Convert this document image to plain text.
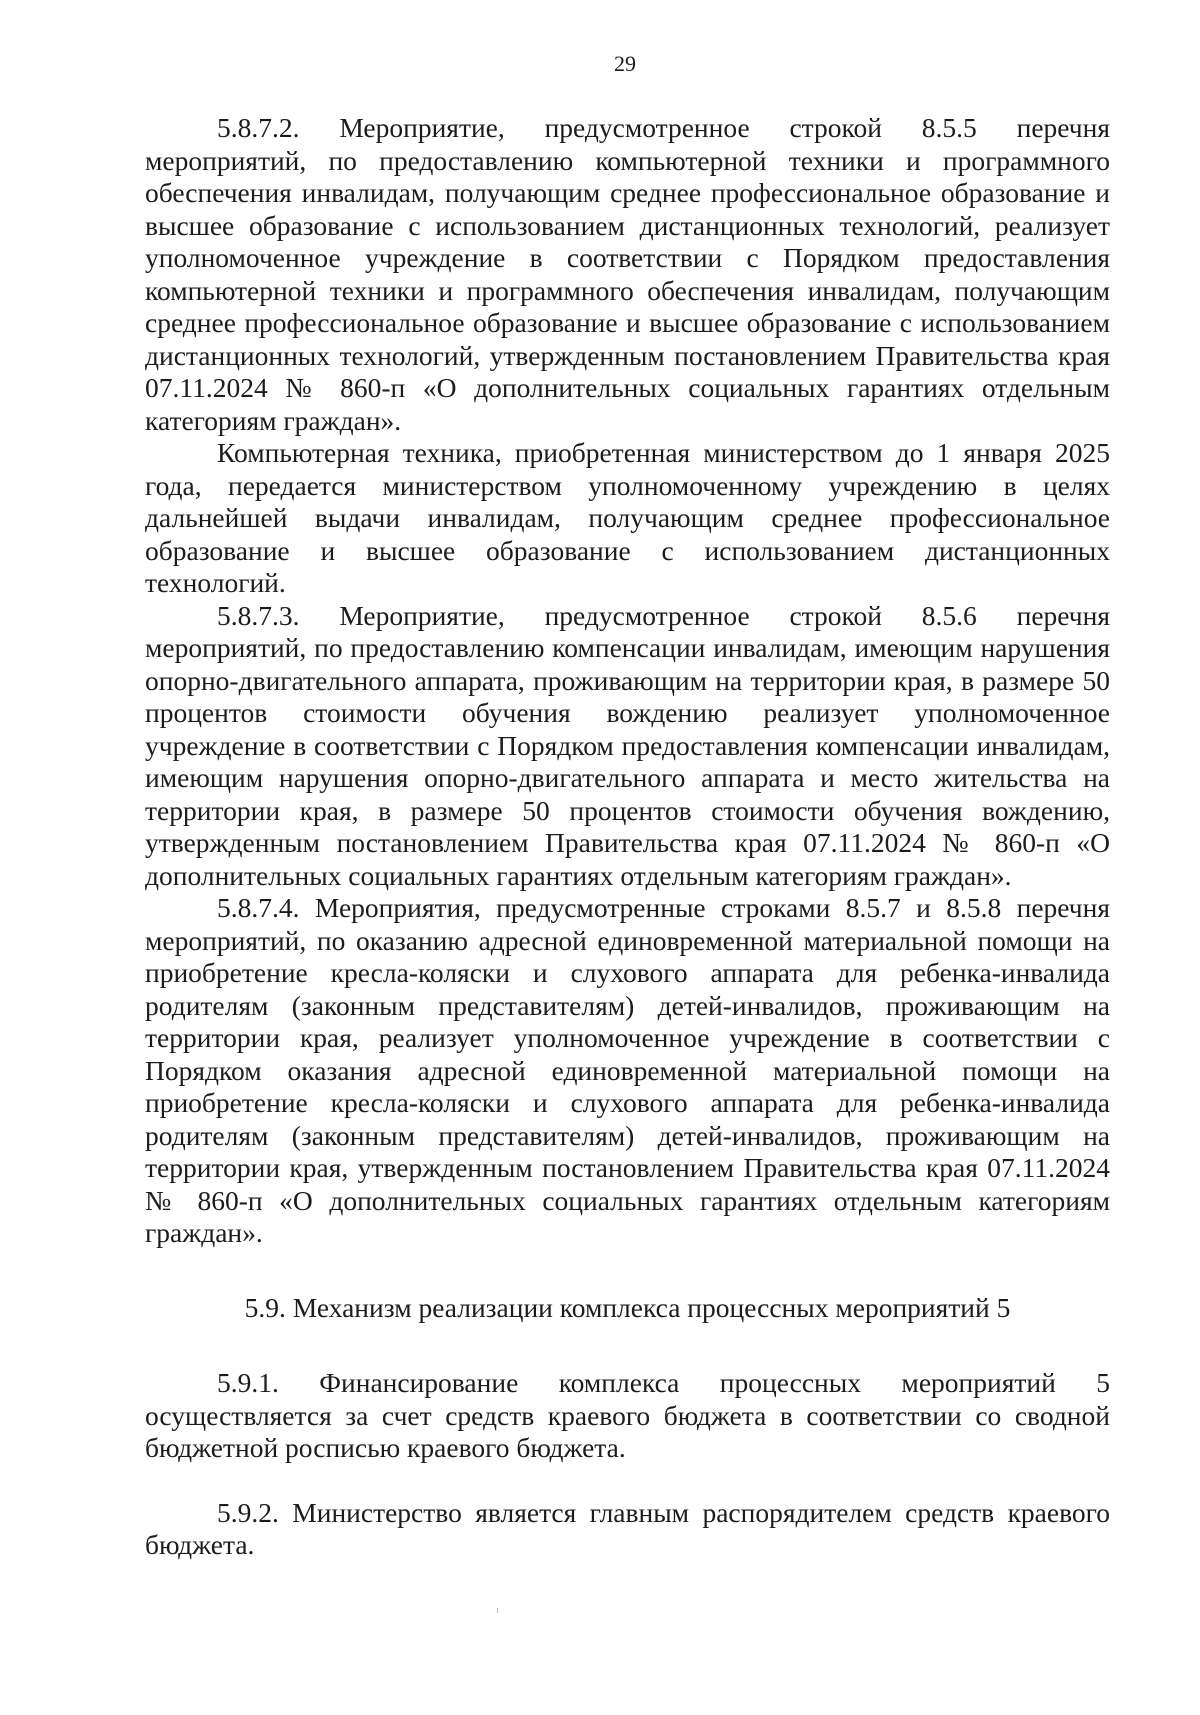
29

5.8.7.2. Мероприятие, предусмотренное строкой 8.5.5 перечня мероприятий, по предоставлению компьютерной техники и программного обеспечения инвалидам, получающим среднее профессиональное образование и высшее образование с использованием дистанционных технологий, реализует уполномоченное учреждение в соответствии с Порядком предоставления компьютерной техники и программного обеспечения инвалидам, получающим среднее профессиональное образование и высшее образование с использованием дистанционных технологий, утвержденным постановлением Правительства края 07.11.2024 № 860-п «О дополнительных социальных гарантиях отдельным категориям граждан».

Компьютерная техника, приобретенная министерством до 1 января 2025 года, передается министерством уполномоченному учреждению в целях дальнейшей выдачи инвалидам, получающим среднее профессиональное образование и высшее образование с использованием дистанционных технологий.

5.8.7.3. Мероприятие, предусмотренное строкой 8.5.6 перечня мероприятий, по предоставлению компенсации инвалидам, имеющим нарушения опорно-двигательного аппарата, проживающим на территории края, в размере 50 процентов стоимости обучения вождению реализует уполномоченное учреждение в соответствии с Порядком предоставления компенсации инвалидам, имеющим нарушения опорно-двигательного аппарата и место жительства на территории края, в размере 50 процентов стоимости обучения вождению, утвержденным постановлением Правительства края 07.11.2024 № 860-п «О дополнительных социальных гарантиях отдельным категориям граждан».

5.8.7.4. Мероприятия, предусмотренные строками 8.5.7 и 8.5.8 перечня мероприятий, по оказанию адресной единовременной материальной помощи на приобретение кресла-коляски и слухового аппарата для ребенка-инвалида родителям (законным представителям) детей-инвалидов, проживающим на территории края, реализует уполномоченное учреждение в соответствии с Порядком оказания адресной единовременной материальной помощи на приобретение кресла-коляски и слухового аппарата для ребенка-инвалида родителям (законным представителям) детей-инвалидов, проживающим на территории края, утвержденным постановлением Правительства края 07.11.2024 № 860-п «О дополнительных социальных гарантиях отдельным категориям граждан».

5.9. Механизм реализации комплекса процессных мероприятий 5

5.9.1. Финансирование комплекса процессных мероприятий 5 осуществляется за счет средств краевого бюджета в соответствии со сводной бюджетной росписью краевого бюджета.

5.9.2. Министерство является главным распорядителем средств краевого бюджета.
